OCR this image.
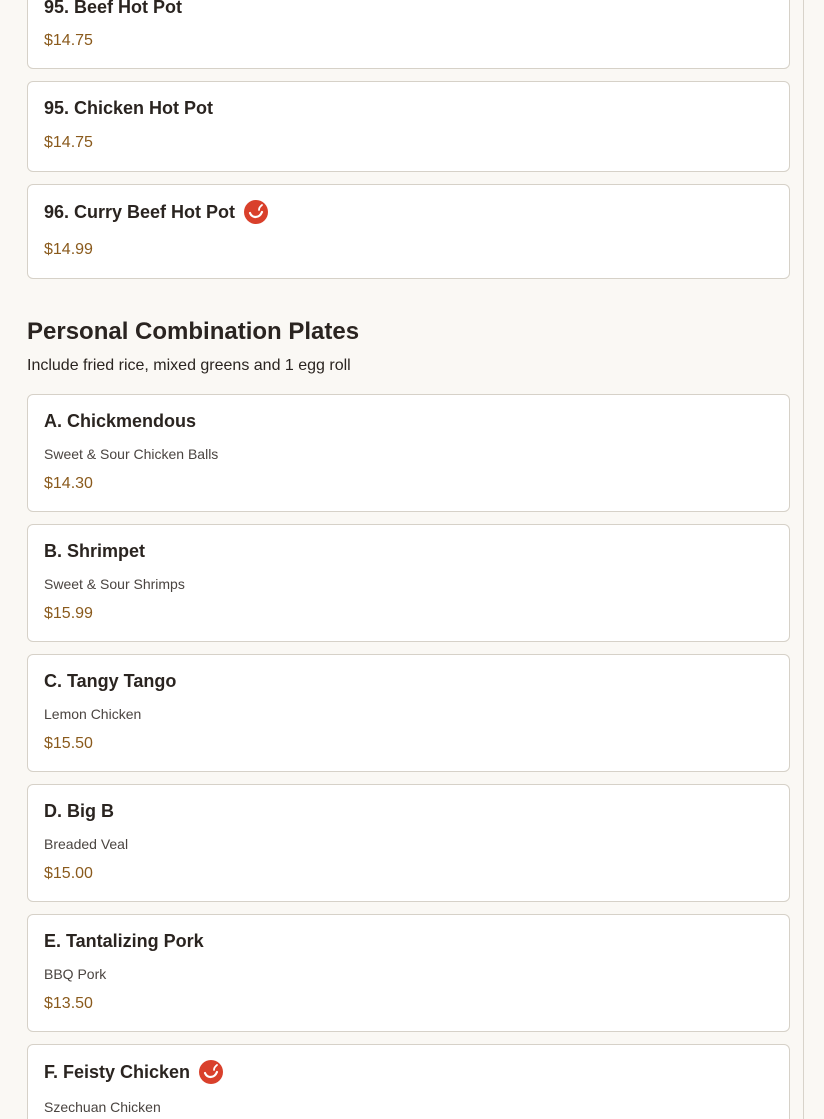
95. Beef Hot Pot
$14.75
95. Chicken Hot Pot
$14.75
96. Curry Beef Hot Pot
$14.99
Personal Combination Plates
Include fried rice, mixed greens and 1 egg roll
A. Chickmendous
Sweet & Sour Chicken Balls
$14.30
B. Shrimpet
Sweet & Sour Shrimps
$15.99
C. Tangy Tango
Lemon Chicken
$15.50
D. Big B
Breaded Veal
$15.00
E. Tantalizing Pork
BBQ Pork
$13.50
F. Feisty Chicken
Szechuan Chicken
